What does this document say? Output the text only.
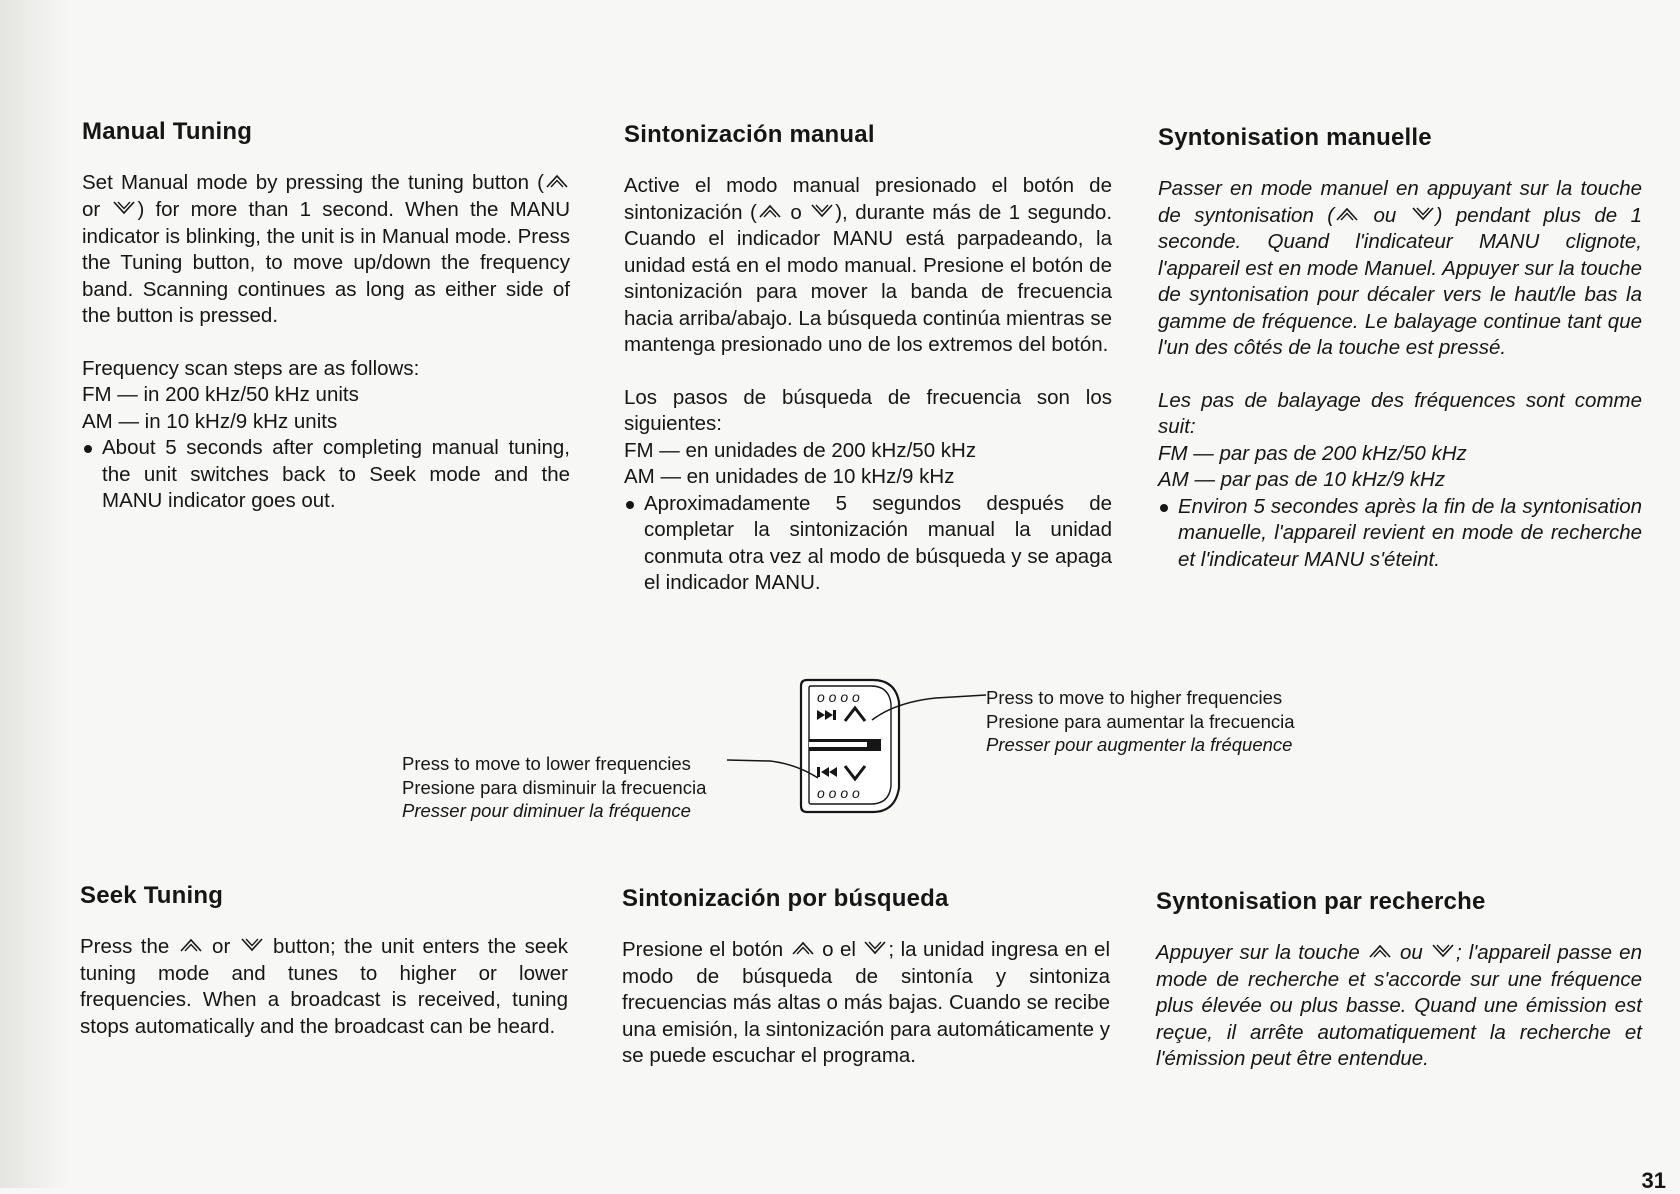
Manual Tuning

Set Manual mode by pressing the tuning button ( or ) for more than 1 second. When the MANU indicator is blinking, the unit is in Manual mode. Press the Tuning button, to move up/down the frequency band. Scanning continues as long as either side of the button is pressed.

Frequency scan steps are as follows:
FM — in 200 kHz/50 kHz units
AM — in 10 kHz/9 kHz units

About 5 seconds after completing manual tuning, the unit switches back to Seek mode and the MANU indicator goes out.
Sintonización manual

Active el modo manual presionado el botón de sintonización ( o ), durante más de 1 segundo. Cuando el indicador MANU está parpadeando, la unidad está en el modo manual. Presione el botón de sintonización para mover la banda de frecuencia hacia arriba/abajo. La búsqueda continúa mientras se mantenga presionado uno de los extremos del botón.

Los pasos de búsqueda de frecuencia son los siguientes:
FM — en unidades de 200 kHz/50 kHz
AM — en unidades de 10 kHz/9 kHz

Aproximadamente 5 segundos después de completar la sintonización manual la unidad conmuta otra vez al modo de búsqueda y se apaga el indicador MANU.
Syntonisation manuelle

Passer en mode manuel en appuyant sur la touche de syntonisation ( ou ) pendant plus de 1 seconde. Quand l'indicateur MANU clignote, l'appareil est en mode Manuel. Appuyer sur la touche de syntonisation pour décaler vers le haut/le bas la gamme de fréquence. Le balayage continue tant que l'un des côtés de la touche est pressé.

Les pas de balayage des fréquences sont comme suit:
FM — par pas de 200 kHz/50 kHz
AM — par pas de 10 kHz/9 kHz

Environ 5 secondes après la fin de la syntonisation manuelle, l'appareil revient en mode de recherche et l'indicateur MANU s'éteint.
o o o o
o o o o
Press to move to higher frequencies
Presione para aumentar la frecuencia
Presser pour augmenter la fréquence
Press to move to lower frequencies
Presione para disminuir la frecuencia
Presser pour diminuer la fréquence
Seek Tuning

Press the  or  button; the unit enters the seek tuning mode and tunes to higher or lower frequencies. When a broadcast is received, tuning stops automatically and the broadcast can be heard.

Sintonización por búsqueda

Presione el botón  o el ; la unidad ingresa en el modo de búsqueda de sintonía y sintoniza frecuencias más altas o más bajas. Cuando se recibe una emisión, la sintonización para automáticamente y se puede escuchar el programa.

Syntonisation par recherche

Appuyer sur la touche  ou ; l'appareil passe en mode de recherche et s'accorde sur une fréquence plus élevée ou plus basse. Quand une émission est reçue, il arrête automatiquement la recherche et l'émission peut être entendue.

31
